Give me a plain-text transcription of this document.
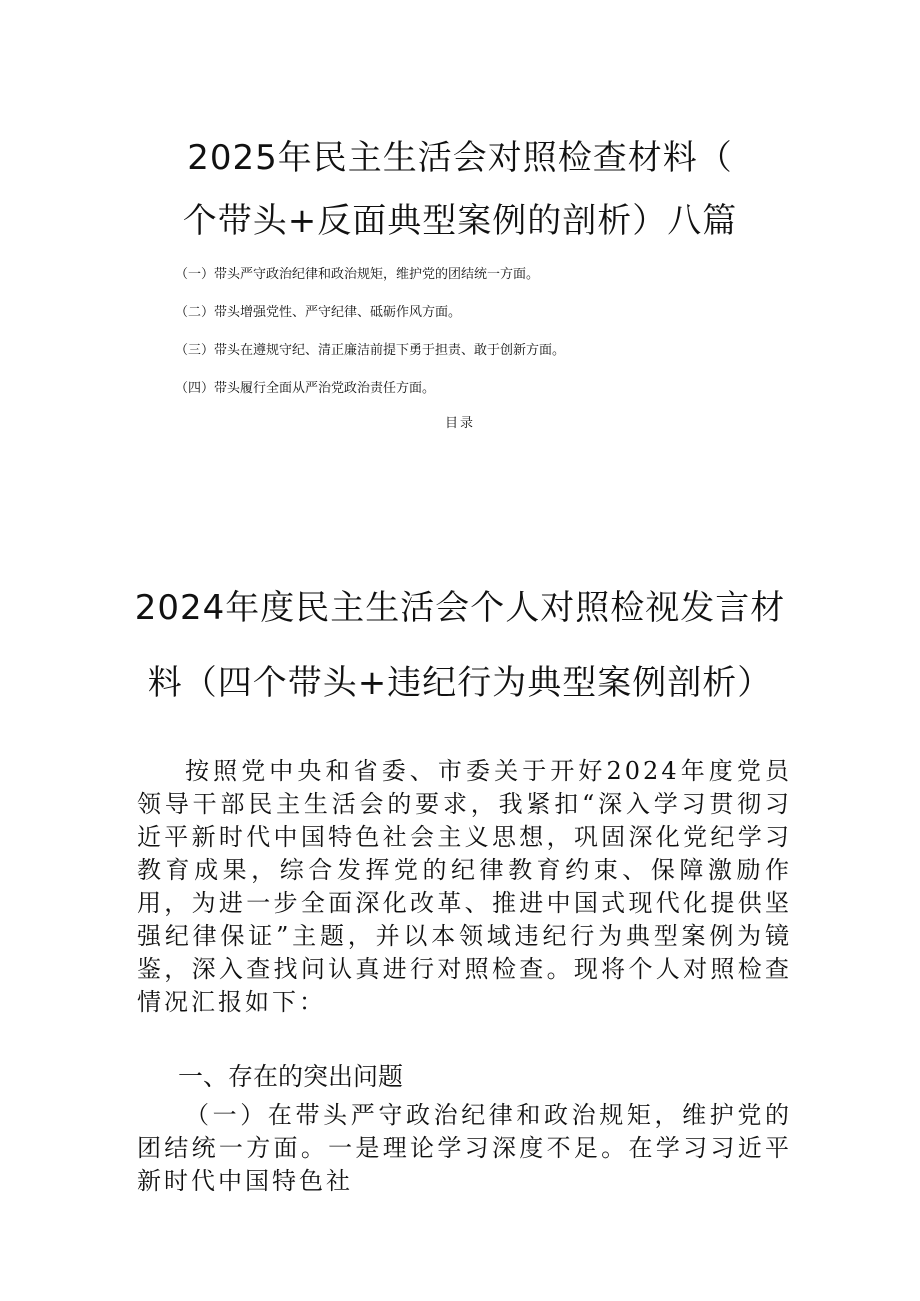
2025年民主生活会对照检查材料（
个带头+反面典型案例的剖析）八篇
（一）带头严守政治纪律和政治规矩，维护党的团结统一方面。
（二）带头增强党性、严守纪律、砥砺作风方面。
（三）带头在遵规守纪、清正廉洁前提下勇于担责、敢于创新方面。
（四）带头履行全面从严治党政治责任方面。
目录
2024年度民主生活会个人对照检视发言材
料（四个带头+违纪行为典型案例剖析）
按照党中央和省委、市委关于开好2024年度党员领导干部民主生活会的要求，我紧扣“深入学习贯彻习近平新时代中国特色社会主义思想，巩固深化党纪学习教育成果，综合发挥党的纪律教育约束、保障激励作用，为进一步全面深化改革、推进中国式现代化提供坚强纪律保证”主题，并以本领域违纪行为典型案例为镜鉴，深入查找问认真进行对照检查。现将个人对照检查情况汇报如下：
一、存在的突出问题
（一）在带头严守政治纪律和政治规矩，维护党的团结统一方面。一是理论学习深度不足。在学习习近平新时代中国特色社
